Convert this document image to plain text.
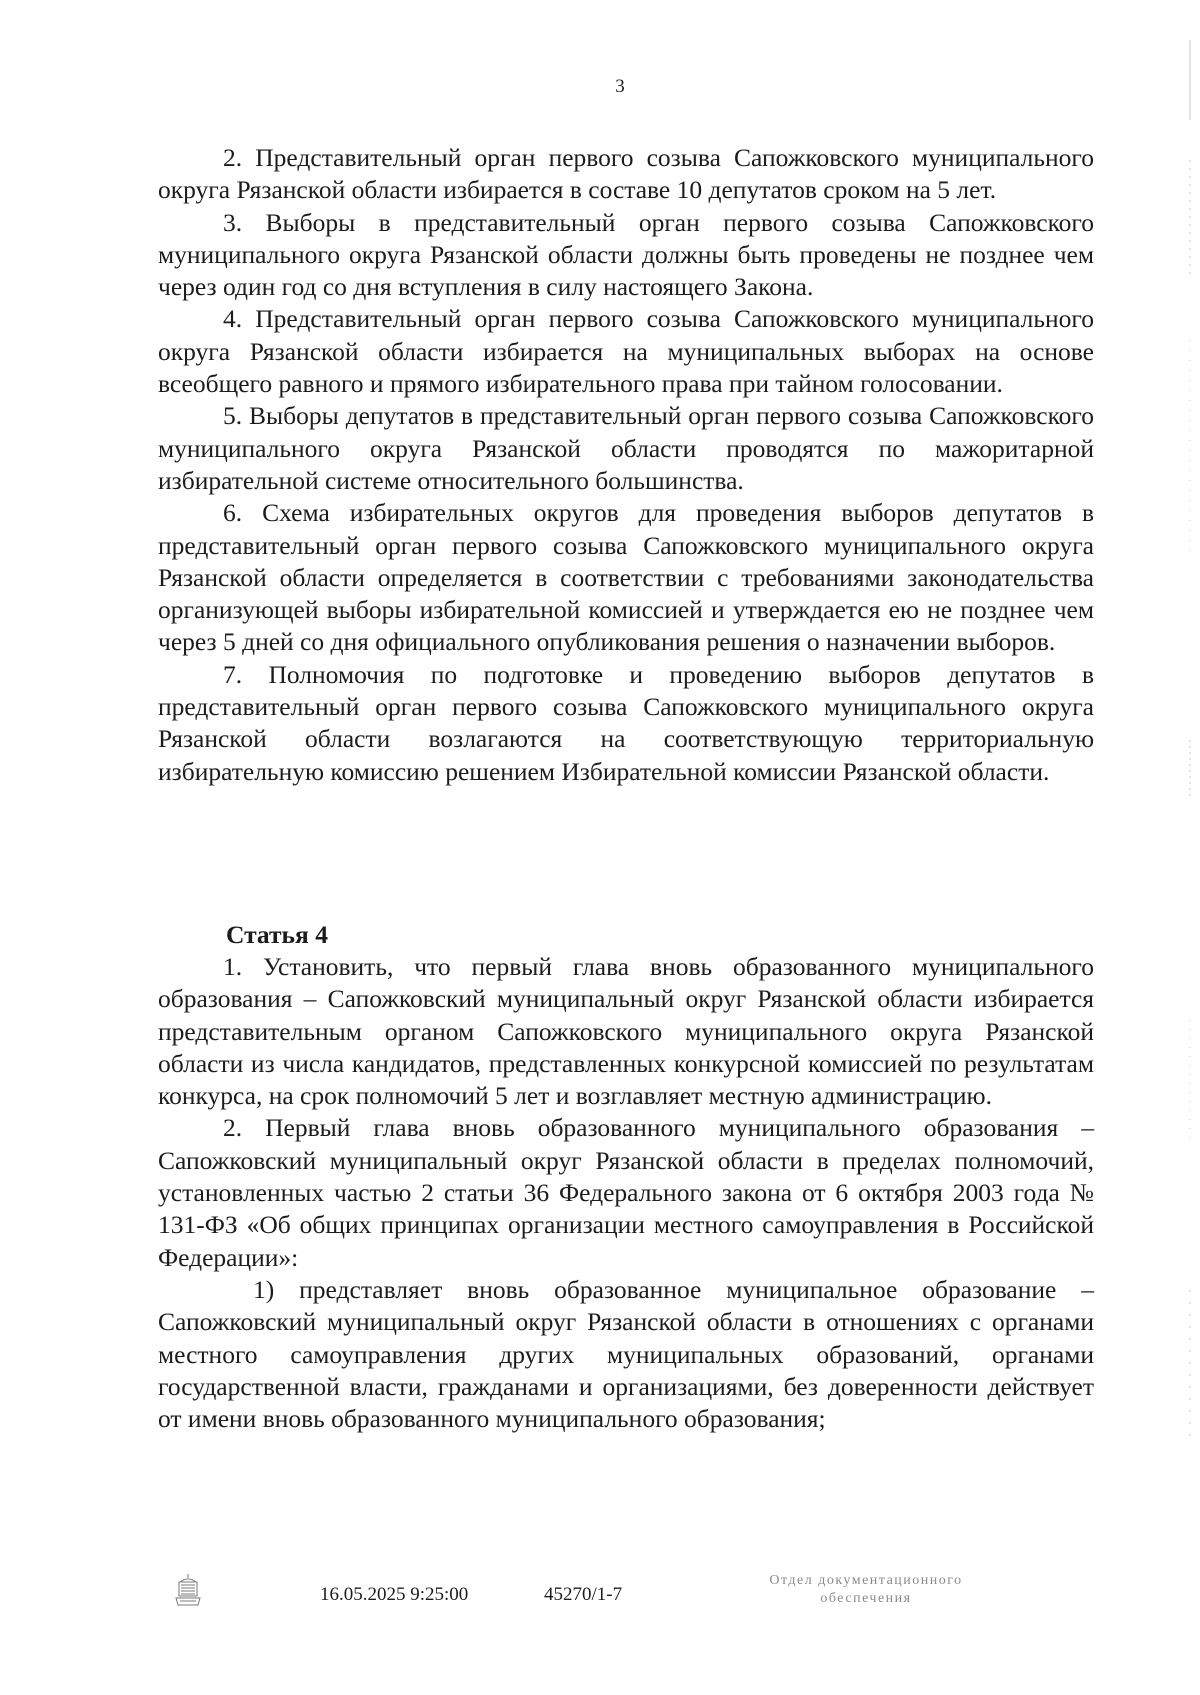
3

2. Представительный орган первого созыва Сапожковского муниципального округа Рязанской области избирается в составе 10 депутатов сроком на 5 лет.

3. Выборы в представительный орган первого созыва Сапожковского муниципального округа Рязанской области должны быть проведены не позднее чем через один год со дня вступления в силу настоящего Закона.

4. Представительный орган первого созыва Сапожковского муниципального округа Рязанской области избирается на муниципальных выборах на основе всеобщего равного и прямого избирательного права при тайном голосовании.

5. Выборы депутатов в представительный орган первого созыва Сапожковского муниципального округа Рязанской области проводятся по мажоритарной избирательной системе относительного большинства.

6. Схема избирательных округов для проведения выборов депутатов в представительный орган первого созыва Сапожковского муниципального округа Рязанской области определяется в соответствии с требованиями законодательства организующей выборы избирательной комиссией и утверждается ею не позднее чем через 5 дней со дня официального опубликования решения о назначении выборов.

7. Полномочия по подготовке и проведению выборов депутатов в представительный орган первого созыва Сапожковского муниципального округа Рязанской области возлагаются на соответствующую территориальную избирательную комиссию решением Избирательной комиссии Рязанской области.

Статья 4

1. Установить, что первый глава вновь образованного муниципального образования – Сапожковский муниципальный округ Рязанской области избирается представительным органом Сапожковского муниципального округа Рязанской области из числа кандидатов, представленных конкурсной комиссией по результатам конкурса, на срок полномочий 5 лет и возглавляет местную администрацию.

2. Первый глава вновь образованного муниципального образования – Сапожковский муниципальный округ Рязанской области в пределах полномочий, установленных частью 2 статьи 36 Федерального закона от 6 октября 2003 года № 131-ФЗ «Об общих принципах организации местного самоуправления в Российской Федерации»:

1) представляет вновь образованное муниципальное образование – Сапожковский муниципальный округ Рязанской области в отношениях с органами местного самоуправления других муниципальных образований, органами государственной власти, гражданами и организациями, без доверенности действует от имени вновь образованного муниципального образования;

16.05.2025 9:25:00	45270/1-7
Отдел документационного
обеспечения
